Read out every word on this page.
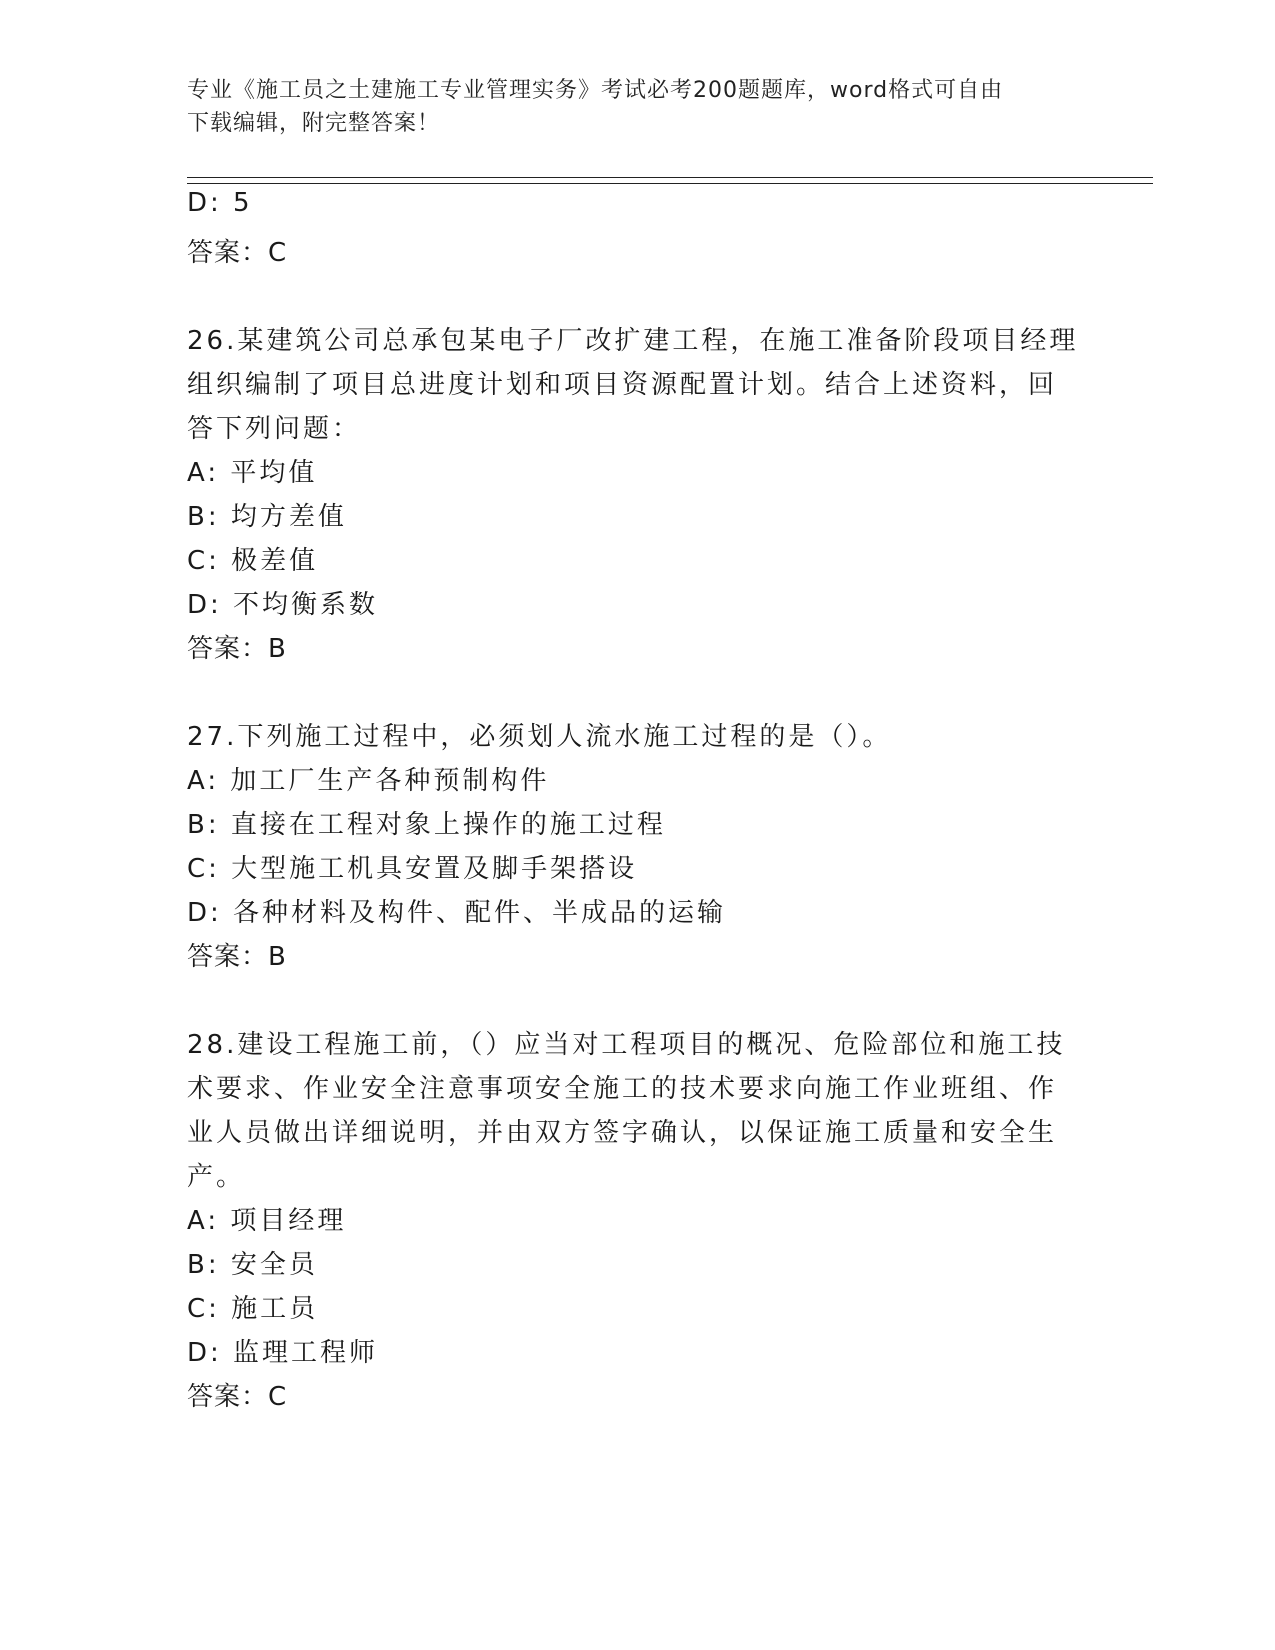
专业《施工员之土建施工专业管理实务》考试必考200题题库，word格式可自由
下载编辑，附完整答案！
D: 5
答案：C
26.某建筑公司总承包某电子厂改扩建工程，在施工准备阶段项目经理
组织编制了项目总进度计划和项目资源配置计划。结合上述资料，回
答下列问题：
A: 平均值
B: 均方差值
C: 极差值
D: 不均衡系数
答案：B
27.下列施工过程中，必须划人流水施工过程的是（）。
A: 加工厂生产各种预制构件
B: 直接在工程对象上操作的施工过程
C: 大型施工机具安置及脚手架搭设
D: 各种材料及构件、配件、半成品的运输
答案：B
28.建设工程施工前，（）应当对工程项目的概况、危险部位和施工技
术要求、作业安全注意事项安全施工的技术要求向施工作业班组、作
业人员做出详细说明，并由双方签字确认，以保证施工质量和安全生
产。
A: 项目经理
B: 安全员
C: 施工员
D: 监理工程师
答案：C
